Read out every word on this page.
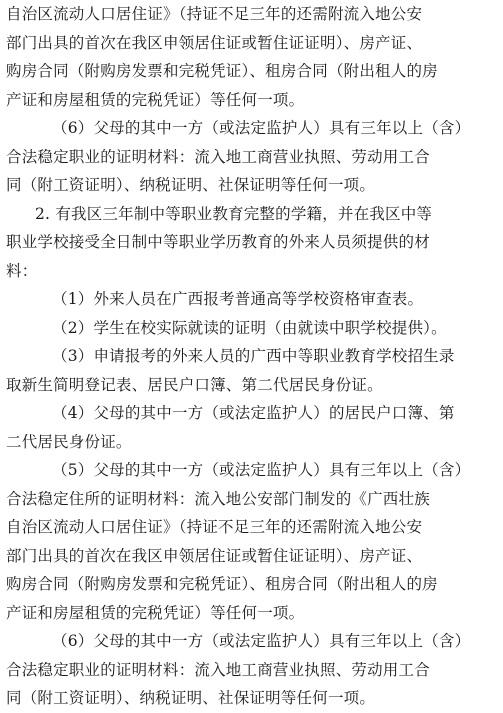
自治区流动人口居住证》（持证不足三年的还需附流入地公安
部门出具的首次在我区申领居住证或暂住证证明）、房产证、
购房合同（附购房发票和完税凭证）、租房合同（附出租人的房
产证和房屋租赁的完税凭证）等任何一项。
（6）父母的其中一方（或法定监护人）具有三年以上（含）
合法稳定职业的证明材料：流入地工商营业执照、劳动用工合
同（附工资证明）、纳税证明、社保证明等任何一项。
2. 有我区三年制中等职业教育完整的学籍，并在我区中等
职业学校接受全日制中等职业学历教育的外来人员须提供的材
料：
（1）外来人员在广西报考普通高等学校资格审查表。
（2）学生在校实际就读的证明（由就读中职学校提供）。
（3）申请报考的外来人员的广西中等职业教育学校招生录
取新生简明登记表、居民户口簿、第二代居民身份证。
（4）父母的其中一方（或法定监护人）的居民户口簿、第
二代居民身份证。
（5）父母的其中一方（或法定监护人）具有三年以上（含）
合法稳定住所的证明材料：流入地公安部门制发的《广西壮族
自治区流动人口居住证》（持证不足三年的还需附流入地公安
部门出具的首次在我区申领居住证或暂住证证明）、房产证、
购房合同（附购房发票和完税凭证）、租房合同（附出租人的房
产证和房屋租赁的完税凭证）等任何一项。
（6）父母的其中一方（或法定监护人）具有三年以上（含）
合法稳定职业的证明材料：流入地工商营业执照、劳动用工合
同（附工资证明）、纳税证明、社保证明等任何一项。
